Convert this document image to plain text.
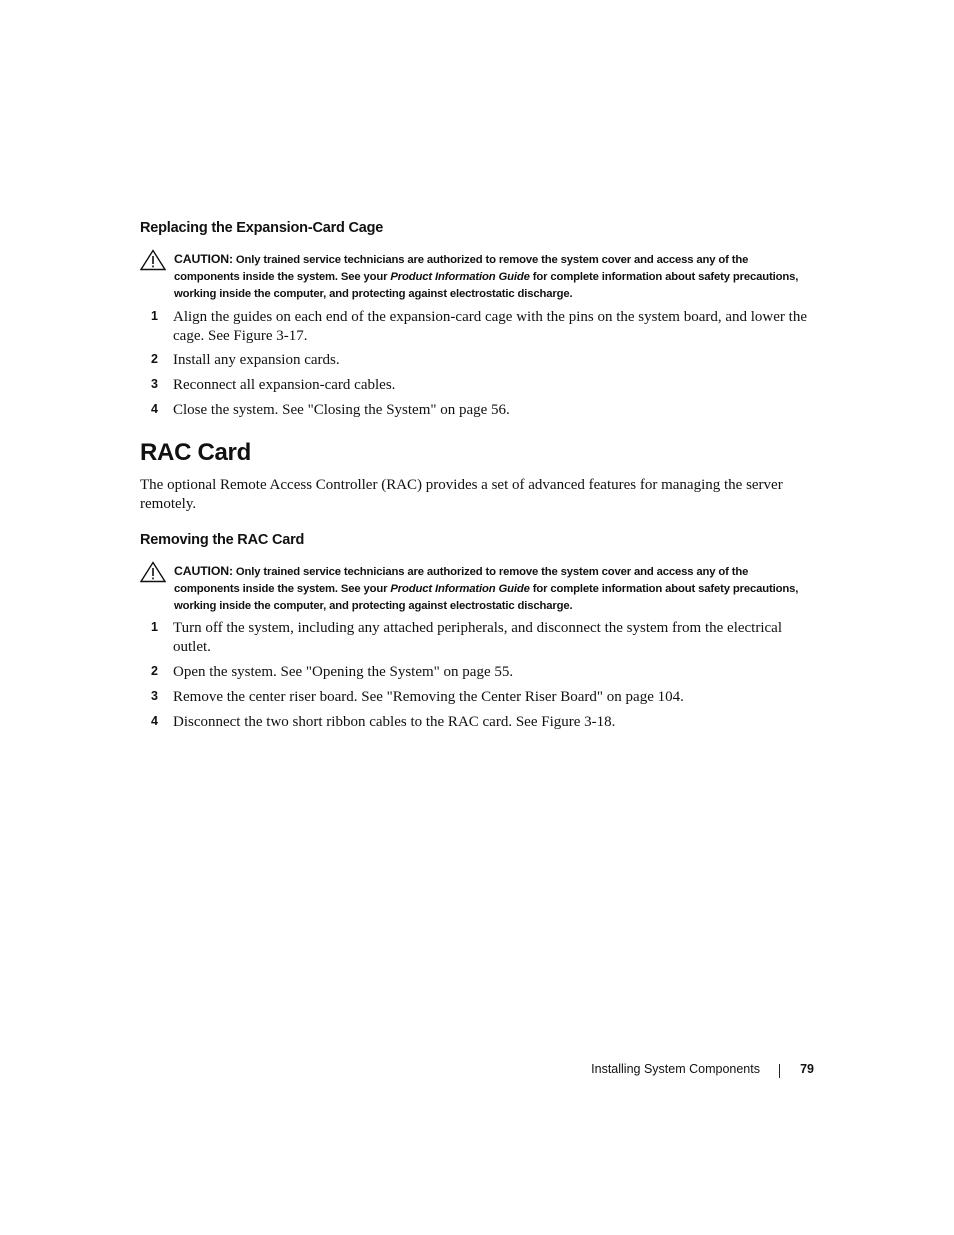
Replacing the Expansion-Card Cage
CAUTION: Only trained service technicians are authorized to remove the system cover and access any of the components inside the system. See your Product Information Guide for complete information about safety precautions, working inside the computer, and protecting against electrostatic discharge.
1 Align the guides on each end of the expansion-card cage with the pins on the system board, and lower the cage. See Figure 3-17.
2 Install any expansion cards.
3 Reconnect all expansion-card cables.
4 Close the system. See "Closing the System" on page 56.
RAC Card

The optional Remote Access Controller (RAC) provides a set of advanced features for managing the server remotely.

Removing the RAC Card
CAUTION: Only trained service technicians are authorized to remove the system cover and access any of the components inside the system. See your Product Information Guide for complete information about safety precautions, working inside the computer, and protecting against electrostatic discharge.
1 Turn off the system, including any attached peripherals, and disconnect the system from the electrical outlet.
2 Open the system. See "Opening the System" on page 55.
3 Remove the center riser board. See "Removing the Center Riser Board" on page 104.
4 Disconnect the two short ribbon cables to the RAC card. See Figure 3-18.
Installing System Components	79
